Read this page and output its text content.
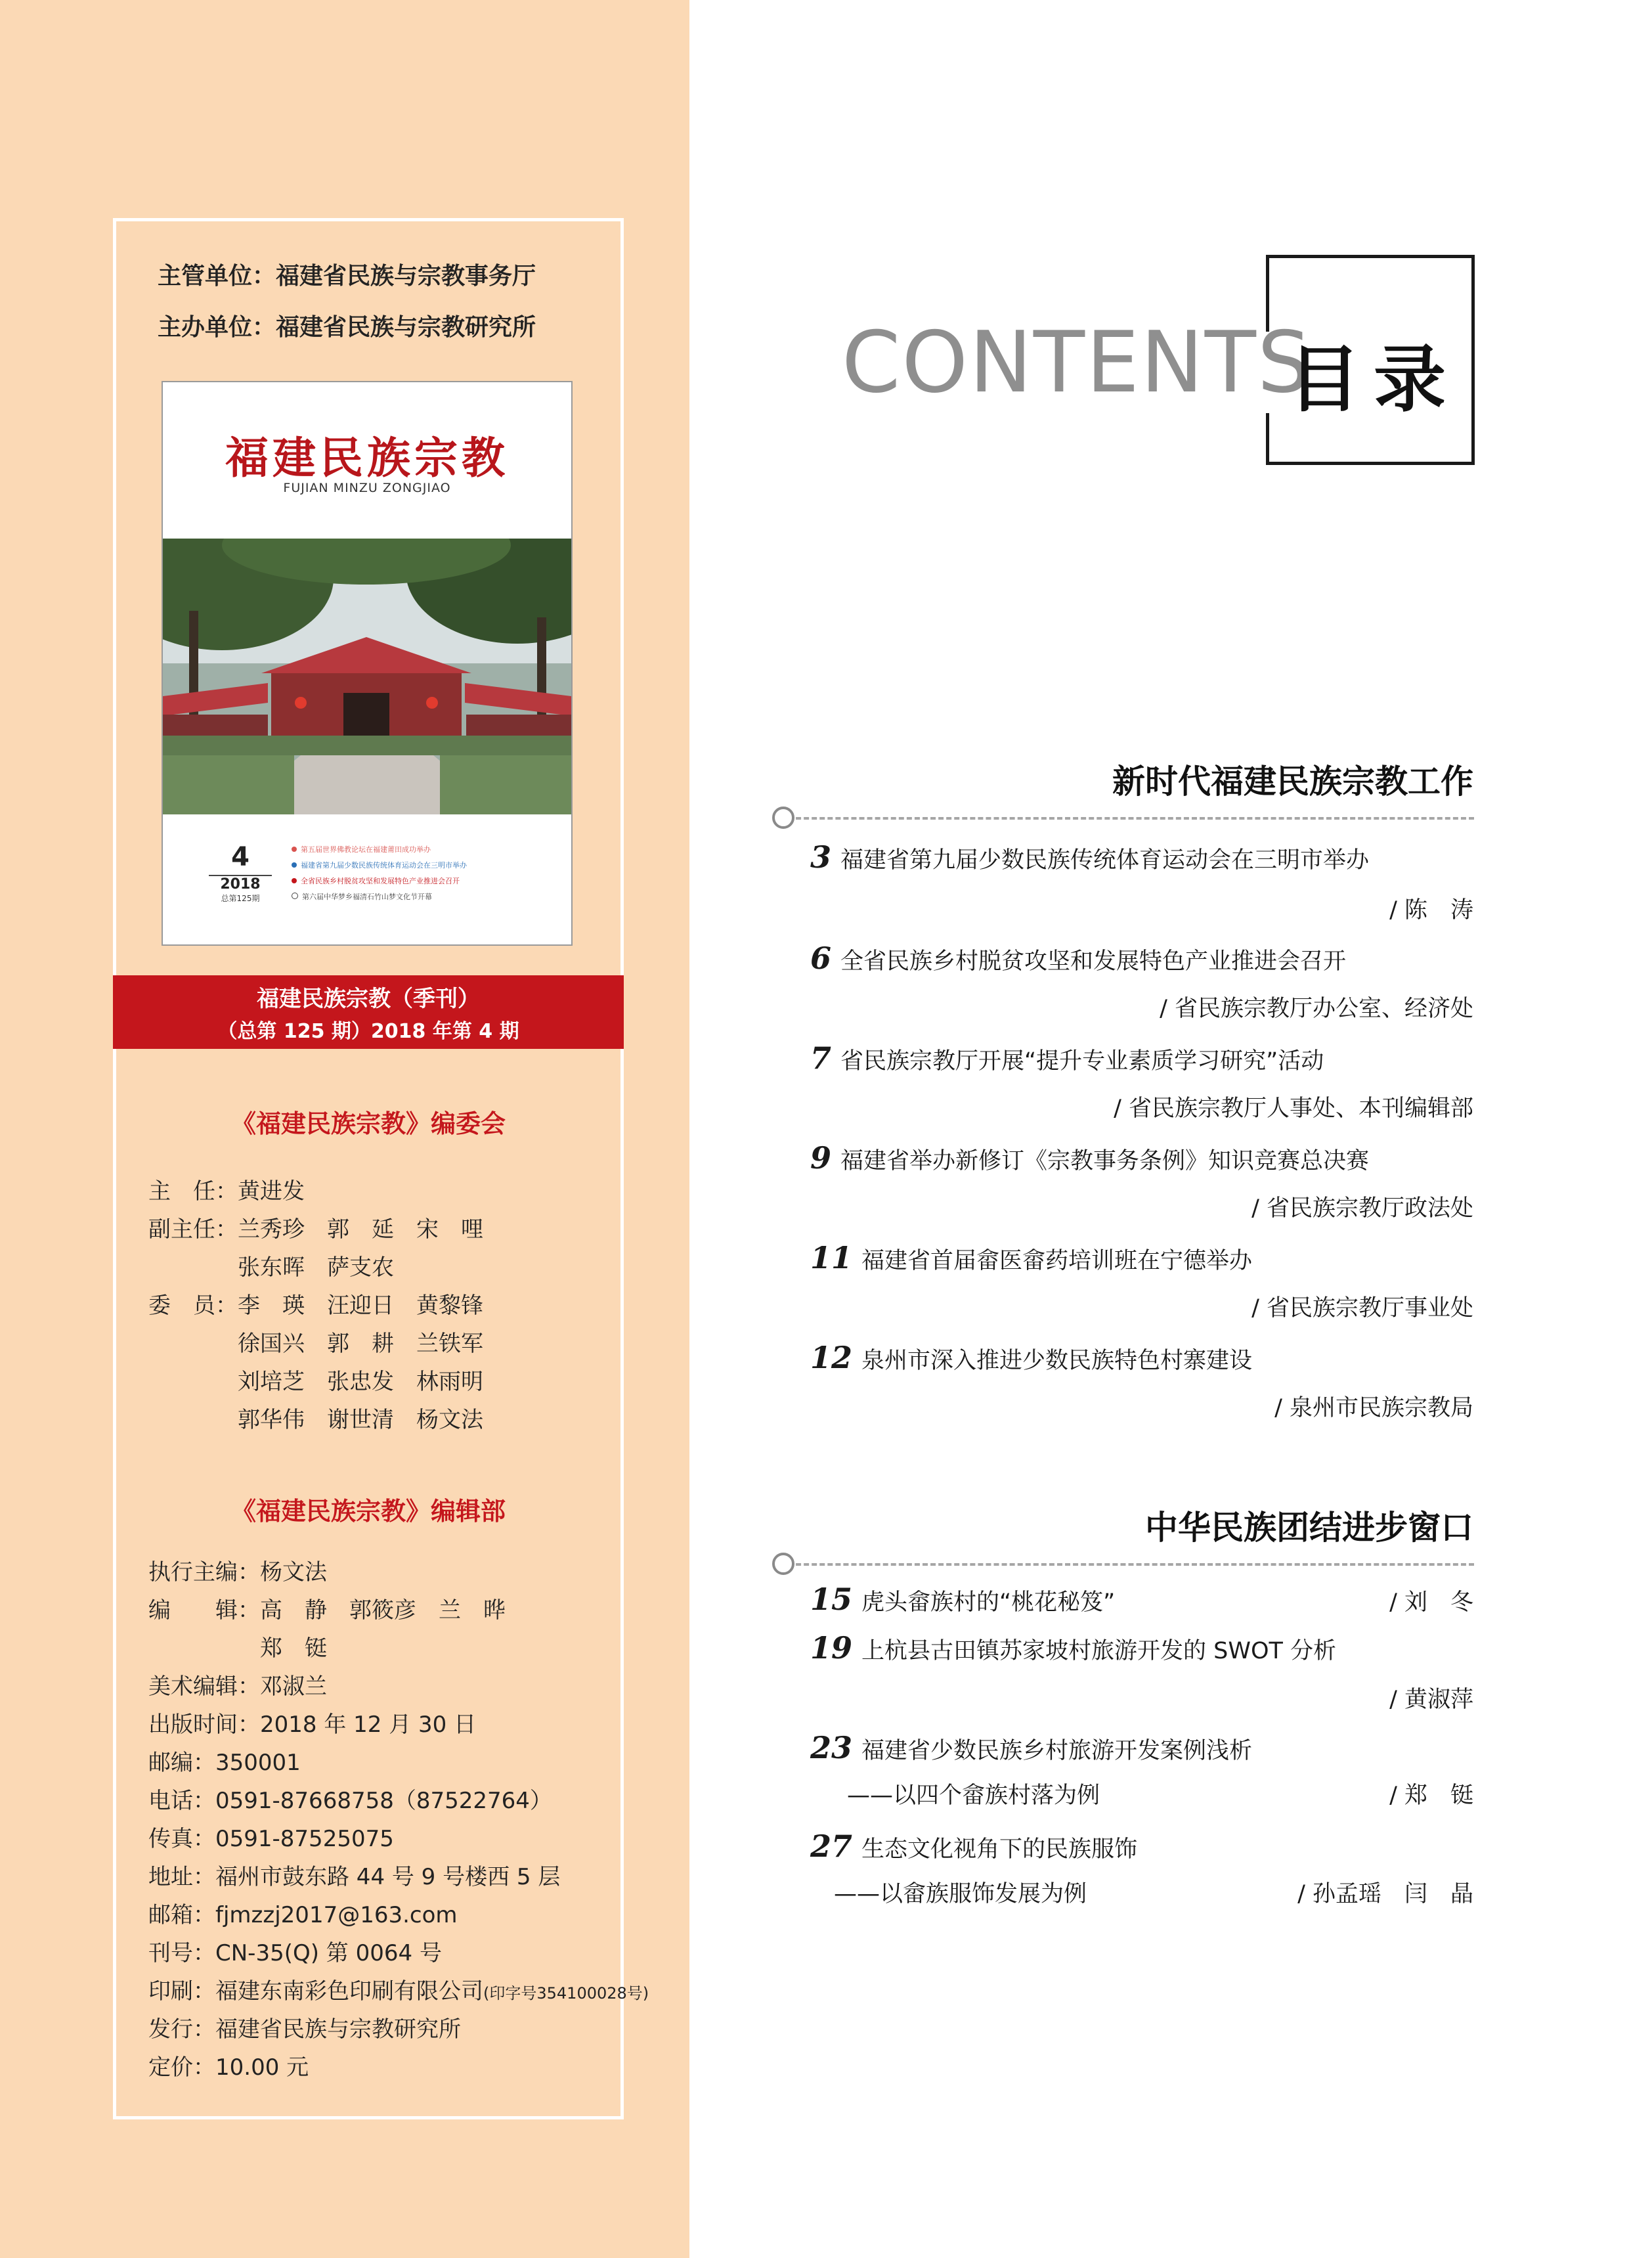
主管单位：福建省民族与宗教事务厅
主办单位：福建省民族与宗教研究所
福建民族宗教
FUJIAN MINZU ZONGJIAO
4
2018
总第125期
第五届世界佛教论坛在福建莆田成功举办
福建省第九届少数民族传统体育运动会在三明市举办
全省民族乡村脱贫攻坚和发展特色产业推进会召开
第六届中华梦乡福清石竹山梦文化节开幕
福建民族宗教（季刊）
（总第 125 期）2018 年第 4 期
《福建民族宗教》编委会
主　任：黄进发
副主任：兰秀珍　郭　延　宋　哩
　　　　张东晖　萨支农
委　员：李　瑛　汪迎日　黄黎锋
　　　　徐国兴　郭　耕　兰铁军
　　　　刘培芝　张忠发　林雨明
　　　　郭华伟　谢世清　杨文法
《福建民族宗教》编辑部
执行主编：杨文法
编　　辑：高　静　郭筱彦　兰　晔
　　　　　郑　铤
美术编辑：邓淑兰
出版时间：2018 年 12 月 30 日
邮编：350001
电话：0591-87668758（87522764）
传真：0591-87525075
地址：福州市鼓东路 44 号 9 号楼西 5 层
邮箱：fjmzzj2017@163.com
刊号：CN-35(Q) 第 0064 号
印刷：福建东南彩色印刷有限公司(印字号354100028号)
发行：福建省民族与宗教研究所
定价：10.00 元
CONTENTS
目录
新时代福建民族宗教工作
3 福建省第九届少数民族传统体育运动会在三明市举办
/ 陈　涛
6 全省民族乡村脱贫攻坚和发展特色产业推进会召开
/ 省民族宗教厅办公室、经济处
7 省民族宗教厅开展“提升专业素质学习研究”活动
/ 省民族宗教厅人事处、本刊编辑部
9 福建省举办新修订《宗教事务条例》知识竞赛总决赛
/ 省民族宗教厅政法处
11 福建省首届畲医畲药培训班在宁德举办
/ 省民族宗教厅事业处
12 泉州市深入推进少数民族特色村寨建设
/ 泉州市民族宗教局
中华民族团结进步窗口
15 虎头畲族村的“桃花秘笈”	/ 刘　冬
19 上杭县古田镇苏家坡村旅游开发的 SWOT 分析
/ 黄淑萍
23 福建省少数民族乡村旅游开发案例浅析
——以四个畲族村落为例	/ 郑　铤
27 生态文化视角下的民族服饰
——以畲族服饰发展为例	/ 孙孟瑶　闫　晶
